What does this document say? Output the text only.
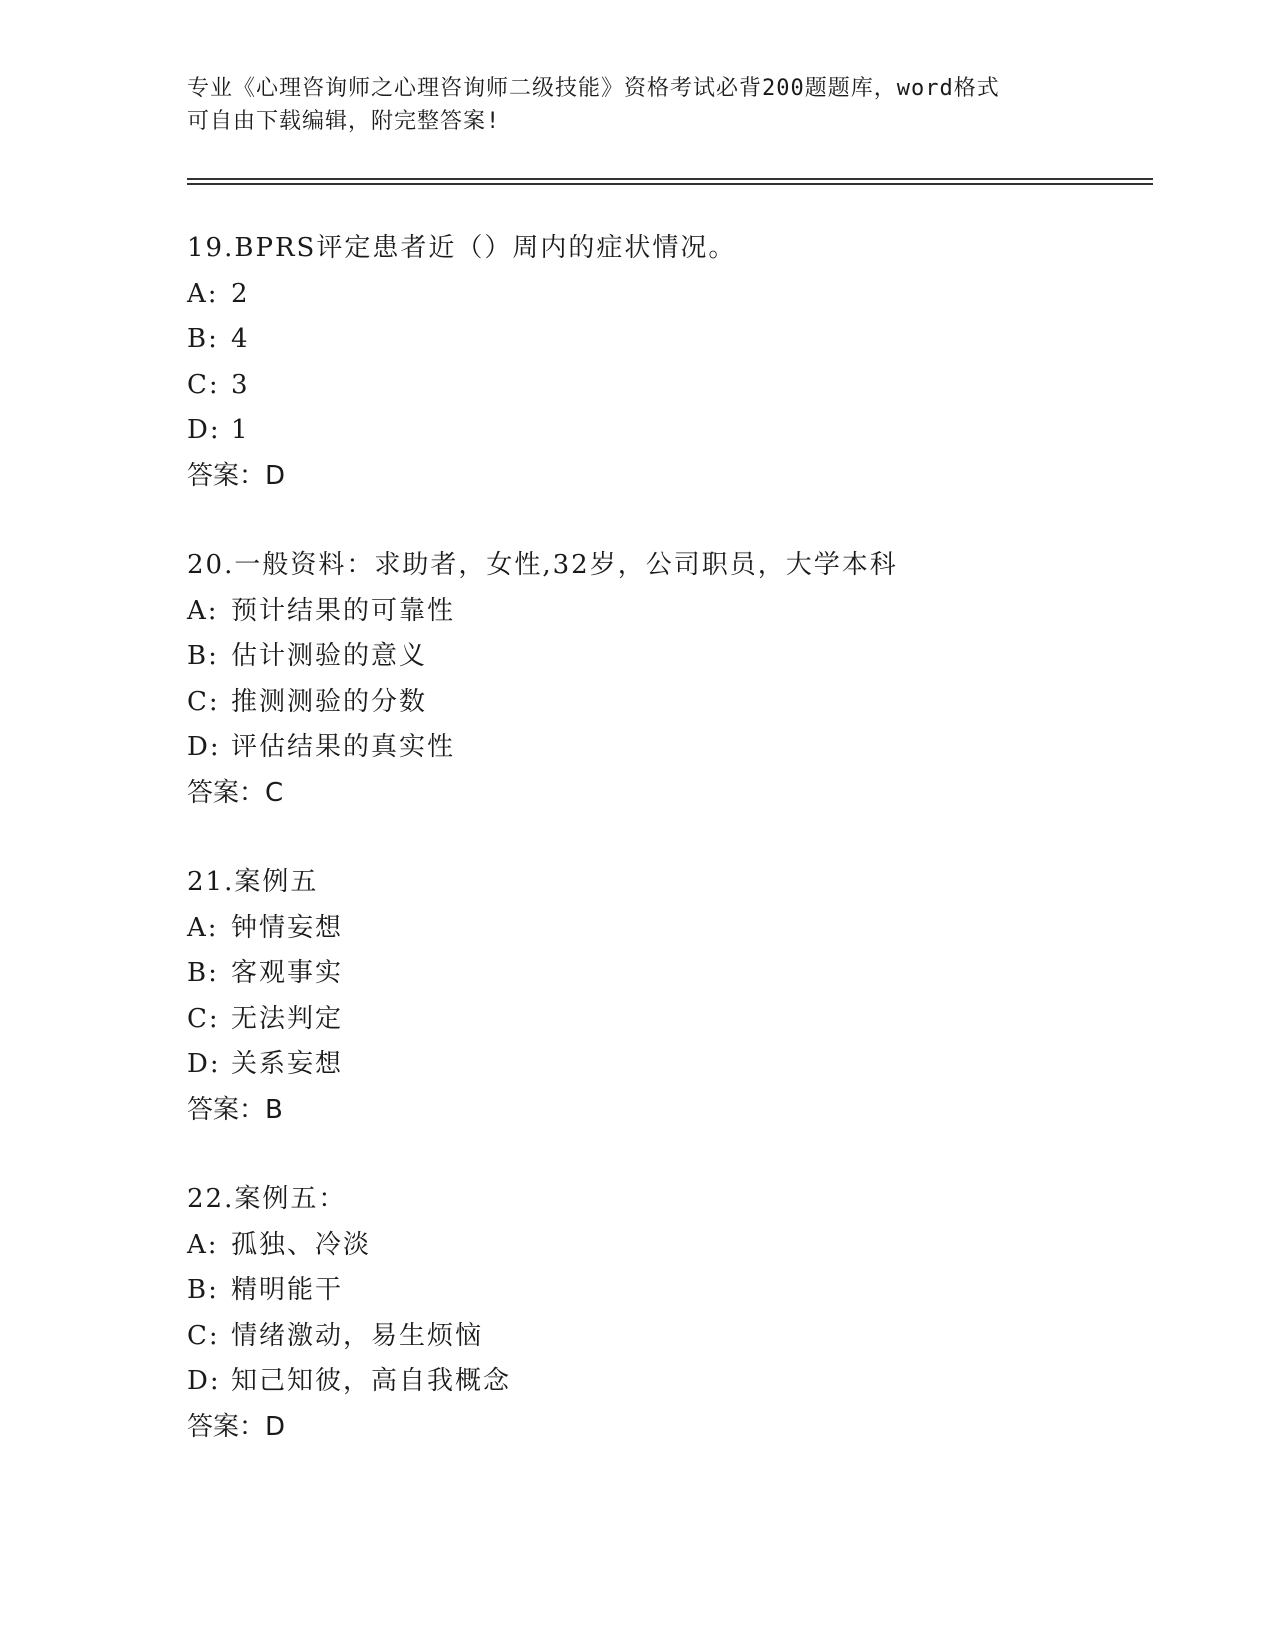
专业《心理咨询师之心理咨询师二级技能》资格考试必背200题题库，word格式
可自由下载编辑，附完整答案!
19.BPRS评定患者近（）周内的症状情况。
A: 2
B: 4
C: 3
D: 1
答案：D
20.一般资料：求助者，女性,32岁，公司职员，大学本科
A: 预计结果的可靠性
B: 估计测验的意义
C: 推测测验的分数
D: 评估结果的真实性
答案：C
21.案例五
A: 钟情妄想
B: 客观事实
C: 无法判定
D: 关系妄想
答案：B
22.案例五：
A: 孤独、冷淡
B: 精明能干
C: 情绪激动，易生烦恼
D: 知己知彼，高自我概念
答案：D
